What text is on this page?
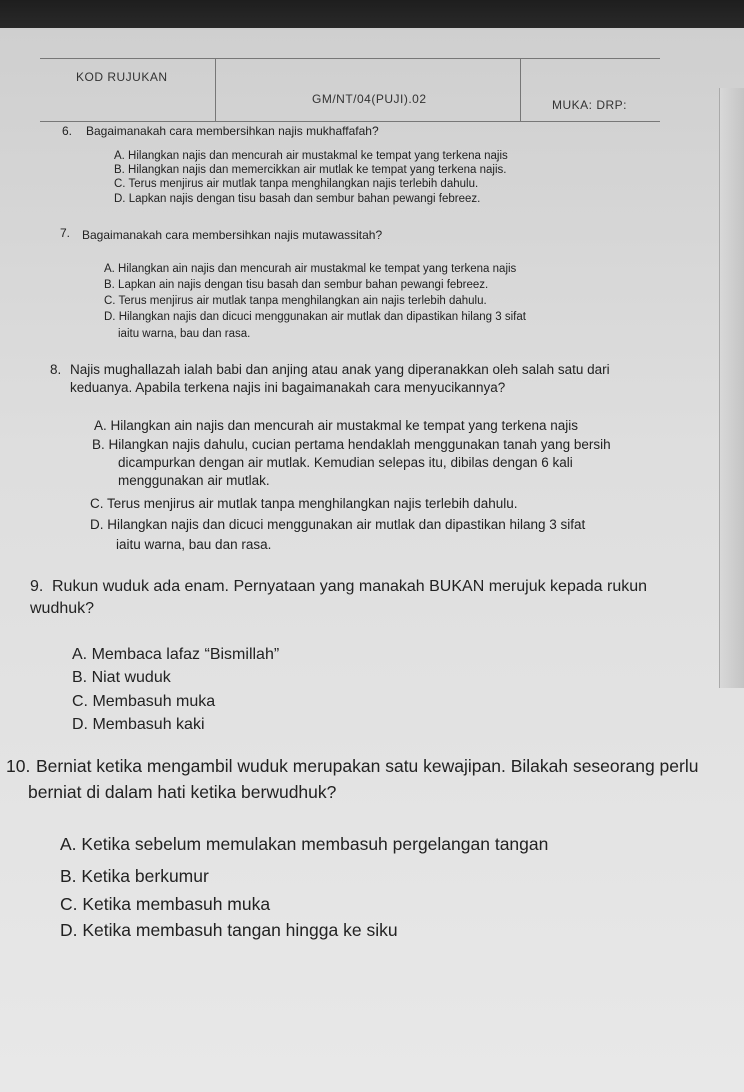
KOD RUJUKAN
GM/NT/04(PUJI).02	MUKA: DRP:
6. Bagaimanakah cara membersihkan najis mukhaffafah?
A. Hilangkan najis dan mencurah air mustakmal ke tempat yang terkena najis
B. Hilangkan najis dan memercikkan air mutlak ke tempat yang terkena najis.
C. Terus menjirus air mutlak tanpa menghilangkan najis terlebih dahulu.
D. Lapkan najis dengan tisu basah dan sembur bahan pewangi febreez.
7. Bagaimanakah cara membersihkan najis mutawassitah?
A. Hilangkan ain najis dan mencurah air mustakmal ke tempat yang terkena najis
B. Lapkan ain najis dengan tisu basah dan sembur bahan pewangi febreez.
C. Terus menjirus air mutlak tanpa menghilangkan ain najis terlebih dahulu.
D. Hilangkan najis dan dicuci menggunakan air mutlak dan dipastikan hilang 3 sifat
iaitu warna, bau dan rasa.
8. Najis mughallazah ialah babi dan anjing atau anak yang diperanakkan oleh salah satu dari
keduanya. Apabila terkena najis ini bagaimanakah cara menyucikannya?
A. Hilangkan ain najis dan mencurah air mustakmal ke tempat yang terkena najis
B. Hilangkan najis dahulu, cucian pertama hendaklah menggunakan tanah yang bersih
dicampurkan dengan air mutlak. Kemudian selepas itu, dibilas dengan 6 kali
menggunakan air mutlak.
C. Terus menjirus air mutlak tanpa menghilangkan najis terlebih dahulu.
D. Hilangkan najis dan dicuci menggunakan air mutlak dan dipastikan hilang 3 sifat
iaitu warna, bau dan rasa.
9. Rukun wuduk ada enam. Pernyataan yang manakah BUKAN merujuk kepada rukun
wudhuk?
A. Membaca lafaz “Bismillah”
B. Niat wuduk
C. Membasuh muka
D. Membasuh kaki
10. Berniat ketika mengambil wuduk merupakan satu kewajipan. Bilakah seseorang perlu
berniat di dalam hati ketika berwudhuk?
A. Ketika sebelum memulakan membasuh pergelangan tangan
B. Ketika berkumur
C. Ketika membasuh muka
D. Ketika membasuh tangan hingga ke siku
